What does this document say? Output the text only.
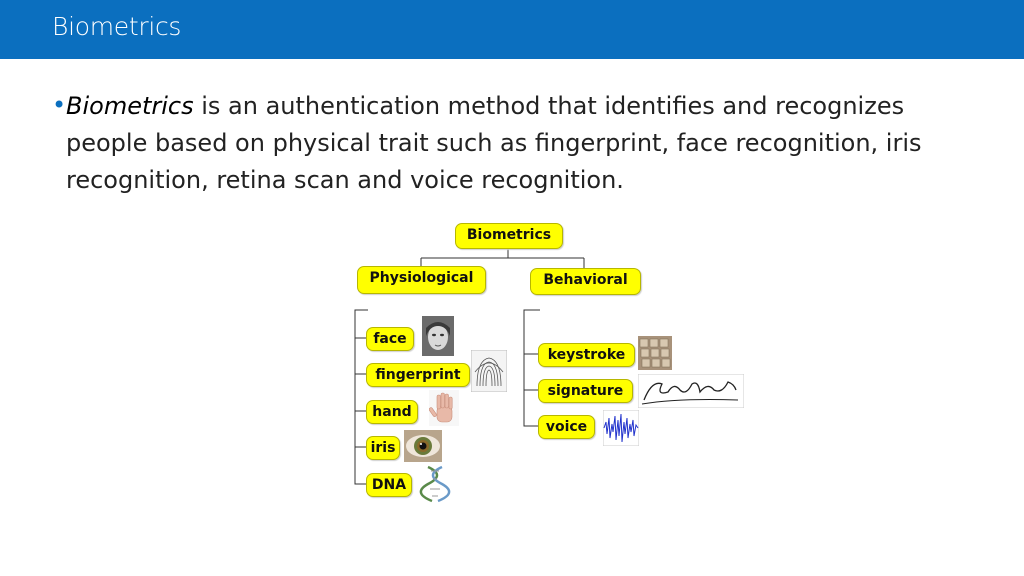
Biometrics
• Biometrics is an authentication method that identifies and recognizes people based on physical trait such as fingerprint, face recognition, iris recognition, retina scan and voice recognition.
Biometrics
Physiological	Behavioral
face
fingerprint
hand
iris
DNA
keystroke
signature
voice
